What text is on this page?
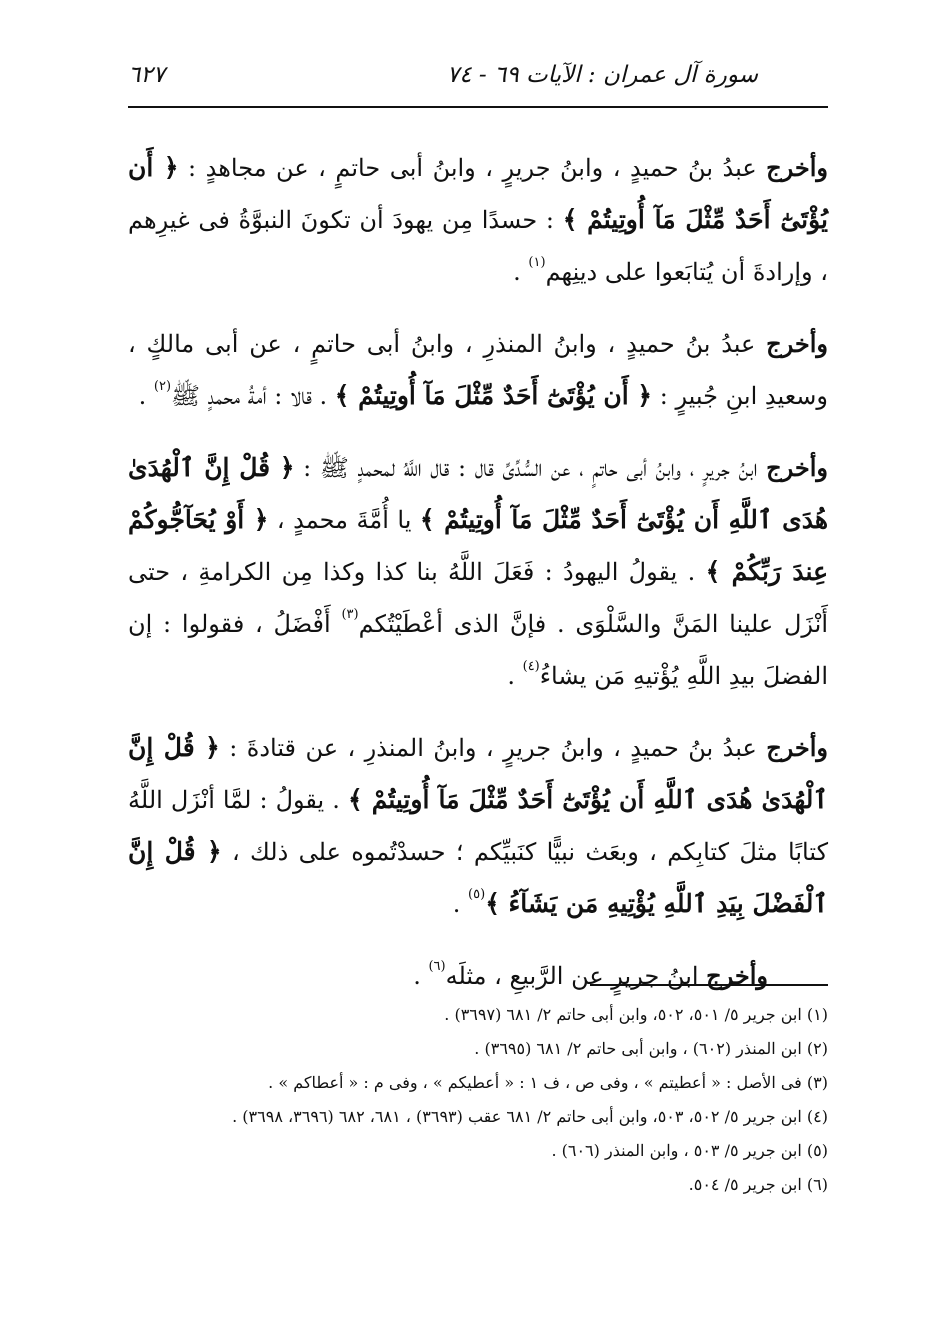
سورة آل عمران : الآيات ٦٩ - ٧٤
٦٢٧

وأخرج عبدُ بنُ حميدٍ ، وابنُ جريرٍ ، وابنُ أبى حاتمٍ ، عن مجاهدٍ : ﴿ أَن يُؤْتَىٰٓ أَحَدٌ مِّثْلَ مَآ أُوتِيتُمْ ﴾ : حسدًا مِن يهودَ أن تكونَ النبوَّةُ فى غيرِهم ، وإرادةَ أن يُتابَعوا على دينِهم$^{(١)}$ .

وأخرج عبدُ بنُ حميدٍ ، وابنُ المنذرِ ، وابنُ أبى حاتمٍ ، عن أبى مالكٍ ، وسعيدِ ابنِ جُبيرٍ : ﴿ أَن يُؤْتَىٰٓ أَحَدٌ مِّثْلَ مَآ أُوتِيتُمْ ﴾ . قالا : أمةُ محمدٍ ﷺ$^{(٢)}$ .

وأخرج ابنُ جريرٍ ، وابنُ أبى حاتمٍ ، عن السُّدِّىِّ قال : قال اللَّهُ لمحمدٍ ﷺ : ﴿ قُلْ إِنَّ ٱلْهُدَىٰ هُدَى ٱللَّهِ أَن يُؤْتَىٰٓ أَحَدٌ مِّثْلَ مَآ أُوتِيتُمْ ﴾ يا أُمَّةَ محمدٍ ، ﴿ أَوْ يُحَآجُّوكُمْ عِندَ رَبِّكُمْ ﴾ . يقولُ اليهودُ : فَعَلَ اللَّهُ بنا كذا وكذا مِن الكرامةِ ، حتى أَنْزَل علينا المَنَّ والسَّلْوَى . فإنَّ الذى أعْطَيْتُكم$^{(٣)}$ أَفْضَلُ ، فقولوا : إن الفضلَ بيدِ اللَّهِ يُؤْتيهِ مَن يشاءُ$^{(٤)}$ .

وأخرج عبدُ بنُ حميدٍ ، وابنُ جريرٍ ، وابنُ المنذرِ ، عن قتادةَ : ﴿ قُلْ إِنَّ ٱلْهُدَىٰ هُدَى ٱللَّهِ أَن يُؤْتَىٰٓ أَحَدٌ مِّثْلَ مَآ أُوتِيتُمْ ﴾ . يقولُ : لمَّا أنْزَل اللَّهُ كتابًا مثلَ كتابِكم ، وبعَث نبيًّا كنَبيِّكم ؛ حسدْتُموه على ذلك ، ﴿ قُلْ إِنَّ ٱلْفَضْلَ بِيَدِ ٱللَّهِ يُؤْتِيهِ مَن يَشَآءُ ﴾$^{(٥)}$ .

وأخرج ابنُ جريرٍ عن الرَّبيعِ ، مثلَه$^{(٦)}$ .

(١) ابن جرير ٥/ ٥٠١، ٥٠٢، وابن أبى حاتم ٢/ ٦٨١ (٣٦٩٧) .
(٢) ابن المنذر (٦٠٢) ، وابن أبى حاتم ٢/ ٦٨١ (٣٦٩٥) .
(٣) فى الأصل : « أعطيتم » ، وفى ص ، ف ١ : « أعطيكم » ، وفى م : « أعطاكم » .
(٤) ابن جرير ٥/ ٥٠٢، ٥٠٣، وابن أبى حاتم ٢/ ٦٨١ عقب (٣٦٩٣) ، ٦٨١، ٦٨٢ (٣٦٩٦، ٣٦٩٨) .
(٥) ابن جرير ٥/ ٥٠٣ ، وابن المنذر (٦٠٦) .
(٦) ابن جرير ٥/ ٥٠٤.
